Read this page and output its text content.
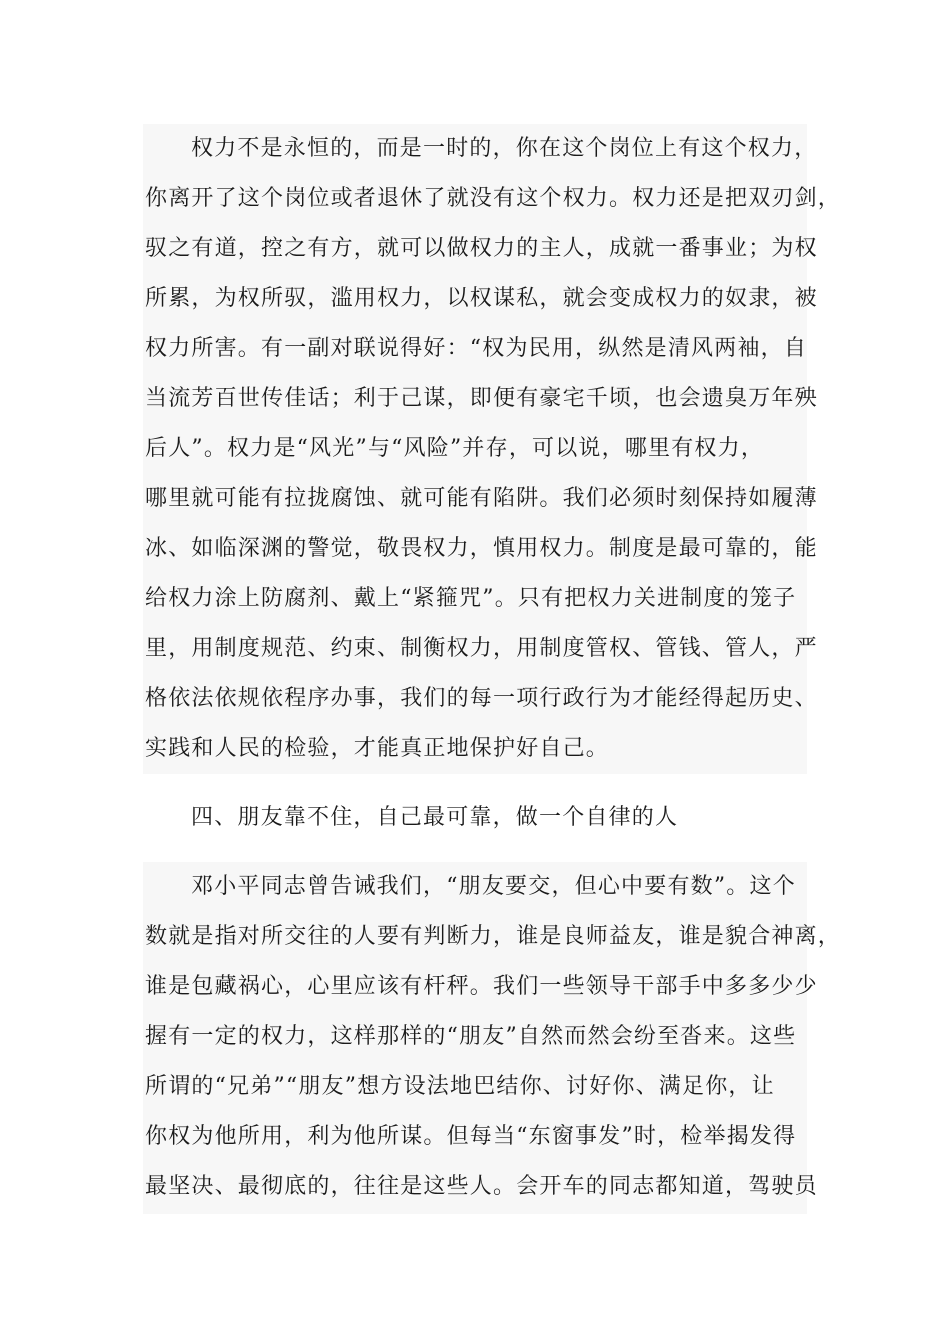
权力不是永恒的，而是一时的，你在这个岗位上有这个权力，
你离开了这个岗位或者退休了就没有这个权力。权力还是把双刃剑，
驭之有道，控之有方，就可以做权力的主人，成就一番事业；为权
所累，为权所驭，滥用权力，以权谋私，就会变成权力的奴隶，被
权力所害。有一副对联说得好：“权为民用，纵然是清风两袖，自
当流芳百世传佳话；利于己谋，即便有豪宅千顷，也会遗臭万年殃
后人”。权力是“风光”与“风险”并存，可以说，哪里有权力，
哪里就可能有拉拢腐蚀、就可能有陷阱。我们必须时刻保持如履薄
冰、如临深渊的警觉，敬畏权力，慎用权力。制度是最可靠的，能
给权力涂上防腐剂、戴上“紧箍咒”。只有把权力关进制度的笼子
里，用制度规范、约束、制衡权力，用制度管权、管钱、管人，严
格依法依规依程序办事，我们的每一项行政行为才能经得起历史、
实践和人民的检验，才能真正地保护好自己。
四、朋友靠不住，自己最可靠，做一个自律的人
邓小平同志曾告诫我们，“朋友要交，但心中要有数”。这个
数就是指对所交往的人要有判断力，谁是良师益友，谁是貌合神离，
谁是包藏祸心，心里应该有杆秤。我们一些领导干部手中多多少少
握有一定的权力，这样那样的“朋友”自然而然会纷至沓来。这些
所谓的“兄弟”“朋友”想方设法地巴结你、讨好你、满足你，让
你权为他所用，利为他所谋。但每当“东窗事发”时，检举揭发得
最坚决、最彻底的，往往是这些人。会开车的同志都知道，驾驶员
